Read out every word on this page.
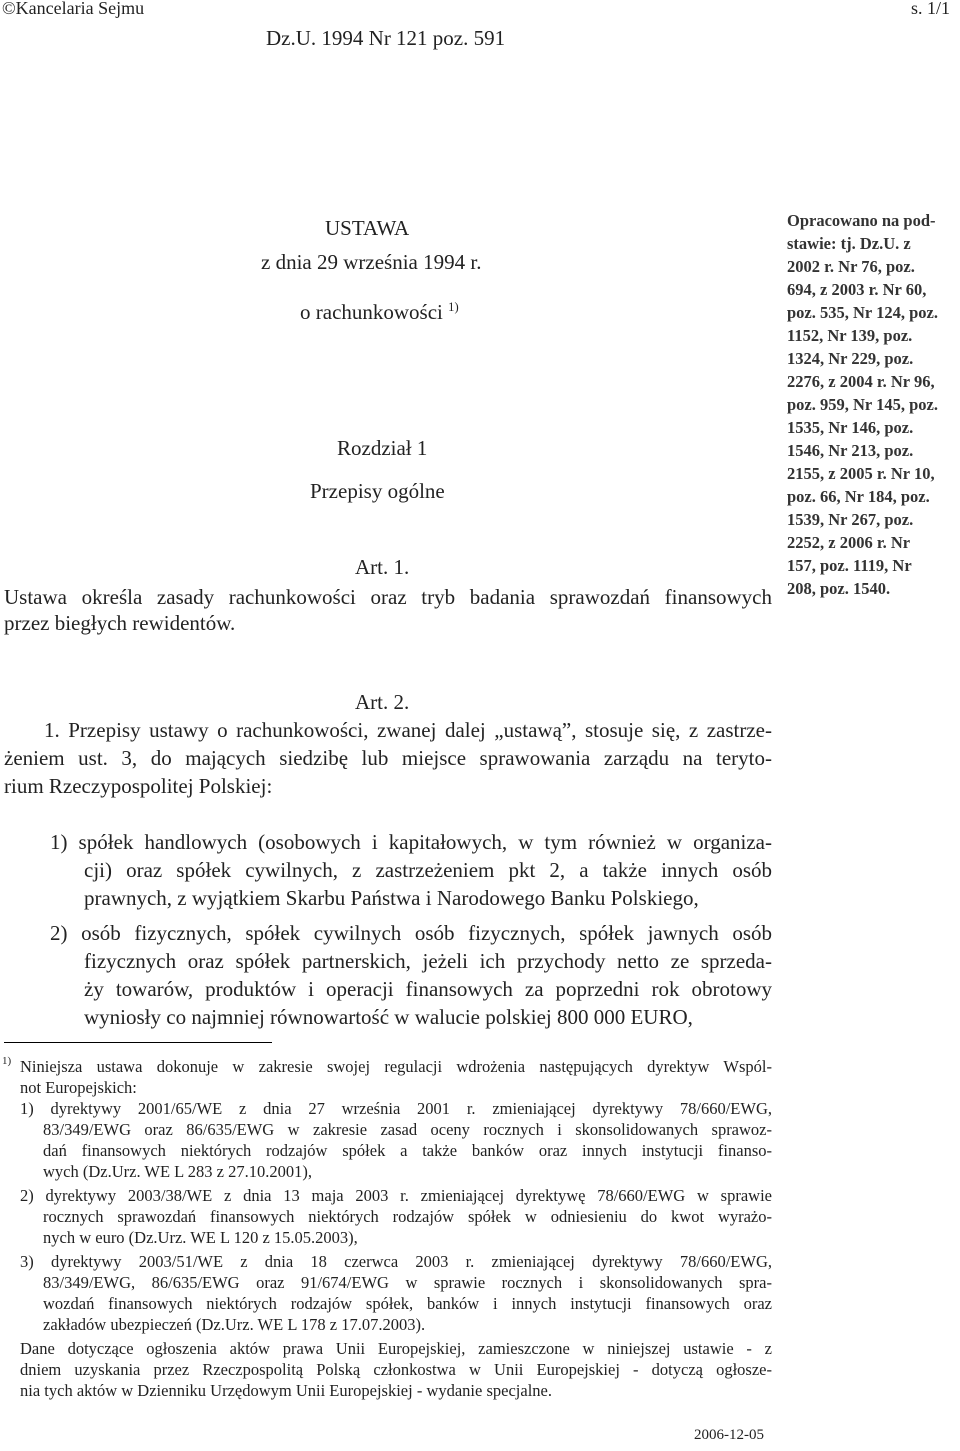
©Kancelaria Sejmu	s. 1/1
Dz.U. 1994 Nr 121 poz. 591
USTAWA
z dnia 29 września 1994 r.
o rachunkowości $^{1)}$
Rozdział 1
Przepisy ogólne
Art. 1.
Ustawa określa zasady rachunkowości oraz tryb badania sprawozdań finansowych
przez biegłych rewidentów.
Opracowano na pod-
stawie: tj. Dz.U. z
2002 r. Nr 76, poz.
694, z 2003 r. Nr 60,
poz. 535, Nr 124, poz.
1152, Nr 139, poz.
1324, Nr 229, poz.
2276, z 2004 r. Nr 96,
poz. 959, Nr 145, poz.
1535, Nr 146, poz.
1546, Nr 213, poz.
2155, z 2005 r. Nr 10,
poz. 66, Nr 184, poz.
1539, Nr 267, poz.
2252, z 2006 r. Nr
157, poz. 1119, Nr
208, poz. 1540.
Art. 2.
1. Przepisy ustawy o rachunkowości, zwanej dalej „ustawą”, stosuje się, z zastrze-
żeniem ust. 3, do mających siedzibę lub miejsce sprawowania zarządu na teryto-
rium Rzeczypospolitej Polskiej:
1) spółek handlowych (osobowych i kapitałowych, w tym również w organiza-
cji) oraz spółek cywilnych, z zastrzeżeniem pkt 2, a także innych osób
prawnych, z wyjątkiem Skarbu Państwa i Narodowego Banku Polskiego,
2) osób fizycznych, spółek cywilnych osób fizycznych, spółek jawnych osób
fizycznych oraz spółek partnerskich, jeżeli ich przychody netto ze sprzeda-
ży towarów, produktów i operacji finansowych za poprzedni rok obrotowy
wyniosły co najmniej równowartość w walucie polskiej 800 000 EURO,
1) Niniejsza ustawa dokonuje w zakresie swojej regulacji wdrożenia następujących dyrektyw Wspól-
not Europejskich:
1) dyrektywy 2001/65/WE z dnia 27 września 2001 r. zmieniającej dyrektywy 78/660/EWG,
83/349/EWG oraz 86/635/EWG w zakresie zasad oceny rocznych i skonsolidowanych sprawoz-
dań finansowych niektórych rodzajów spółek a także banków oraz innych instytucji finanso-
wych (Dz.Urz. WE L 283 z 27.10.2001),
2) dyrektywy 2003/38/WE z dnia 13 maja 2003 r. zmieniającej dyrektywę 78/660/EWG w sprawie
rocznych sprawozdań finansowych niektórych rodzajów spółek w odniesieniu do kwot wyrażo-
nych w euro (Dz.Urz. WE L 120 z 15.05.2003),
3) dyrektywy 2003/51/WE z dnia 18 czerwca 2003 r. zmieniającej dyrektywy 78/660/EWG,
83/349/EWG, 86/635/EWG oraz 91/674/EWG w sprawie rocznych i skonsolidowanych spra-
wozdań finansowych niektórych rodzajów spółek, banków i innych instytucji finansowych oraz
zakładów ubezpieczeń (Dz.Urz. WE L 178 z 17.07.2003).
Dane dotyczące ogłoszenia aktów prawa Unii Europejskiej, zamieszczone w niniejszej ustawie - z
dniem uzyskania przez Rzeczpospolitą Polską członkostwa w Unii Europejskiej - dotyczą ogłosze-
nia tych aktów w Dzienniku Urzędowym Unii Europejskiej - wydanie specjalne.
2006-12-05
